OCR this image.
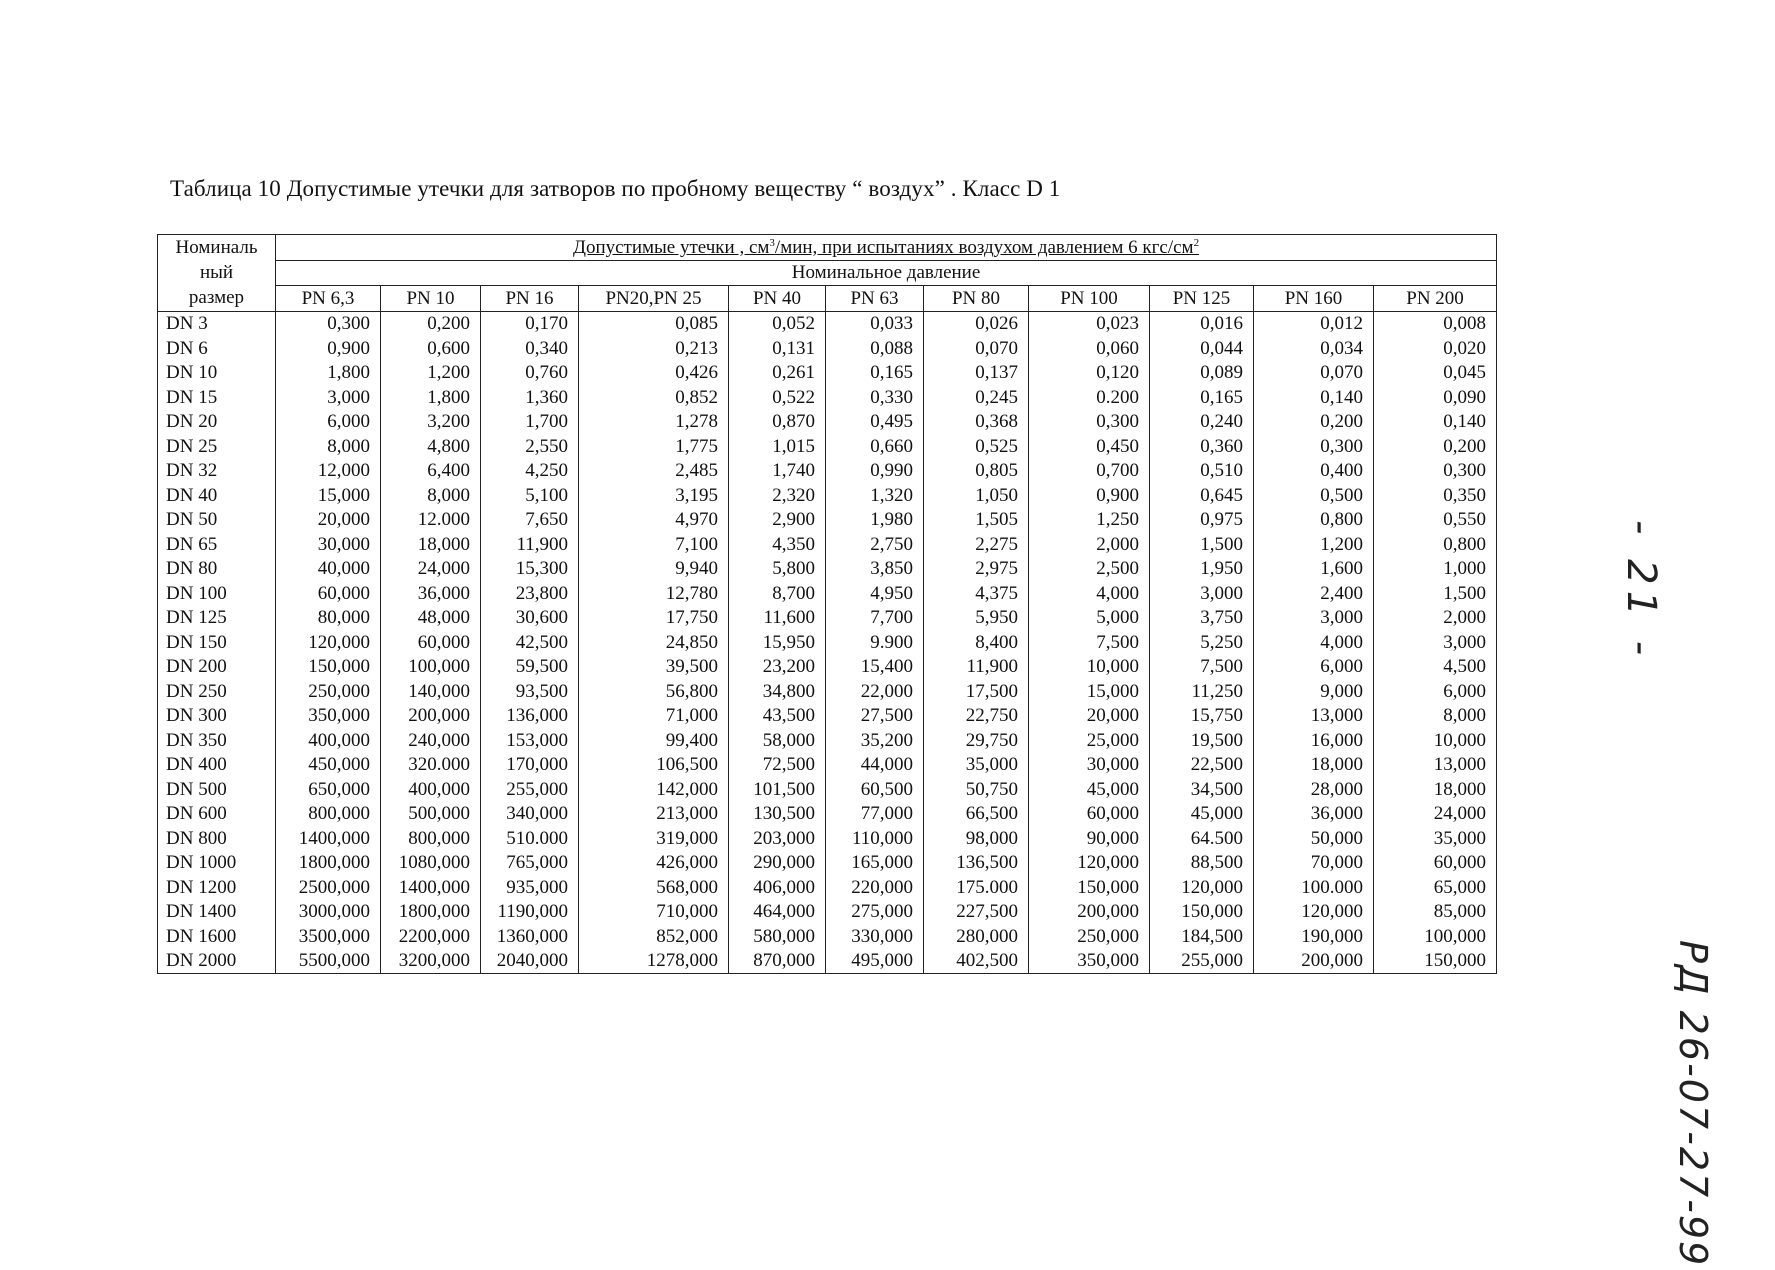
Таблица 10 Допустимые утечки для затворов по пробному веществу “ воздух” . Класс D 1
Номиналь
ный
размер	Допустимые утечки , $см^3$/мин, при испытаниях воздухом давлением 6 кгс/$см^2$
	Номинальное давление										
	PN 6,3	PN 10	PN 16	PN20,PN 25	PN 40	PN 63	PN 80	PN 100	PN 125	PN 160	PN 200
DN 3	0,300	0,200	0,170	0,085	0,052	0,033	0,026	0,023	0,016	0,012	0,008
DN 6	0,900	0,600	0,340	0,213	0,131	0,088	0,070	0,060	0,044	0,034	0,020
DN 10	1,800	1,200	0,760	0,426	0,261	0,165	0,137	0,120	0,089	0,070	0,045
DN 15	3,000	1,800	1,360	0,852	0,522	0,330	0,245	0.200	0,165	0,140	0,090
DN 20	6,000	3,200	1,700	1,278	0,870	0,495	0,368	0,300	0,240	0,200	0,140
DN 25	8,000	4,800	2,550	1,775	1,015	0,660	0,525	0,450	0,360	0,300	0,200
DN 32	12,000	6,400	4,250	2,485	1,740	0,990	0,805	0,700	0,510	0,400	0,300
DN 40	15,000	8,000	5,100	3,195	2,320	1,320	1,050	0,900	0,645	0,500	0,350
DN 50	20,000	12.000	7,650	4,970	2,900	1,980	1,505	1,250	0,975	0,800	0,550
DN 65	30,000	18,000	11,900	7,100	4,350	2,750	2,275	2,000	1,500	1,200	0,800
DN 80	40,000	24,000	15,300	9,940	5,800	3,850	2,975	2,500	1,950	1,600	1,000
DN 100	60,000	36,000	23,800	12,780	8,700	4,950	4,375	4,000	3,000	2,400	1,500
DN 125	80,000	48,000	30,600	17,750	11,600	7,700	5,950	5,000	3,750	3,000	2,000
DN 150	120,000	60,000	42,500	24,850	15,950	9.900	8,400	7,500	5,250	4,000	3,000
DN 200	150,000	100,000	59,500	39,500	23,200	15,400	11,900	10,000	7,500	6,000	4,500
DN 250	250,000	140,000	93,500	56,800	34,800	22,000	17,500	15,000	11,250	9,000	6,000
DN 300	350,000	200,000	136,000	71,000	43,500	27,500	22,750	20,000	15,750	13,000	8,000
DN 350	400,000	240,000	153,000	99,400	58,000	35,200	29,750	25,000	19,500	16,000	10,000
DN 400	450,000	320.000	170,000	106,500	72,500	44,000	35,000	30,000	22,500	18,000	13,000
DN 500	650,000	400,000	255,000	142,000	101,500	60,500	50,750	45,000	34,500	28,000	18,000
DN 600	800,000	500,000	340,000	213,000	130,500	77,000	66,500	60,000	45,000	36,000	24,000
DN 800	1400,000	800,000	510.000	319,000	203,000	110,000	98,000	90,000	64.500	50,000	35,000
DN 1000	1800,000	1080,000	765,000	426,000	290,000	165,000	136,500	120,000	88,500	70,000	60,000
DN 1200	2500,000	1400,000	935,000	568,000	406,000	220,000	175.000	150,000	120,000	100.000	65,000
DN 1400	3000,000	1800,000	1190,000	710,000	464,000	275,000	227,500	200,000	150,000	120,000	85,000
DN 1600	3500,000	2200,000	1360,000	852,000	580,000	330,000	280,000	250,000	184,500	190,000	100,000
DN 2000	5500,000	3200,000	2040,000	1278,000	870,000	495,000	402,500	350,000	255,000	200,000	150,000
- 21 -
РД 26-07-27-99
